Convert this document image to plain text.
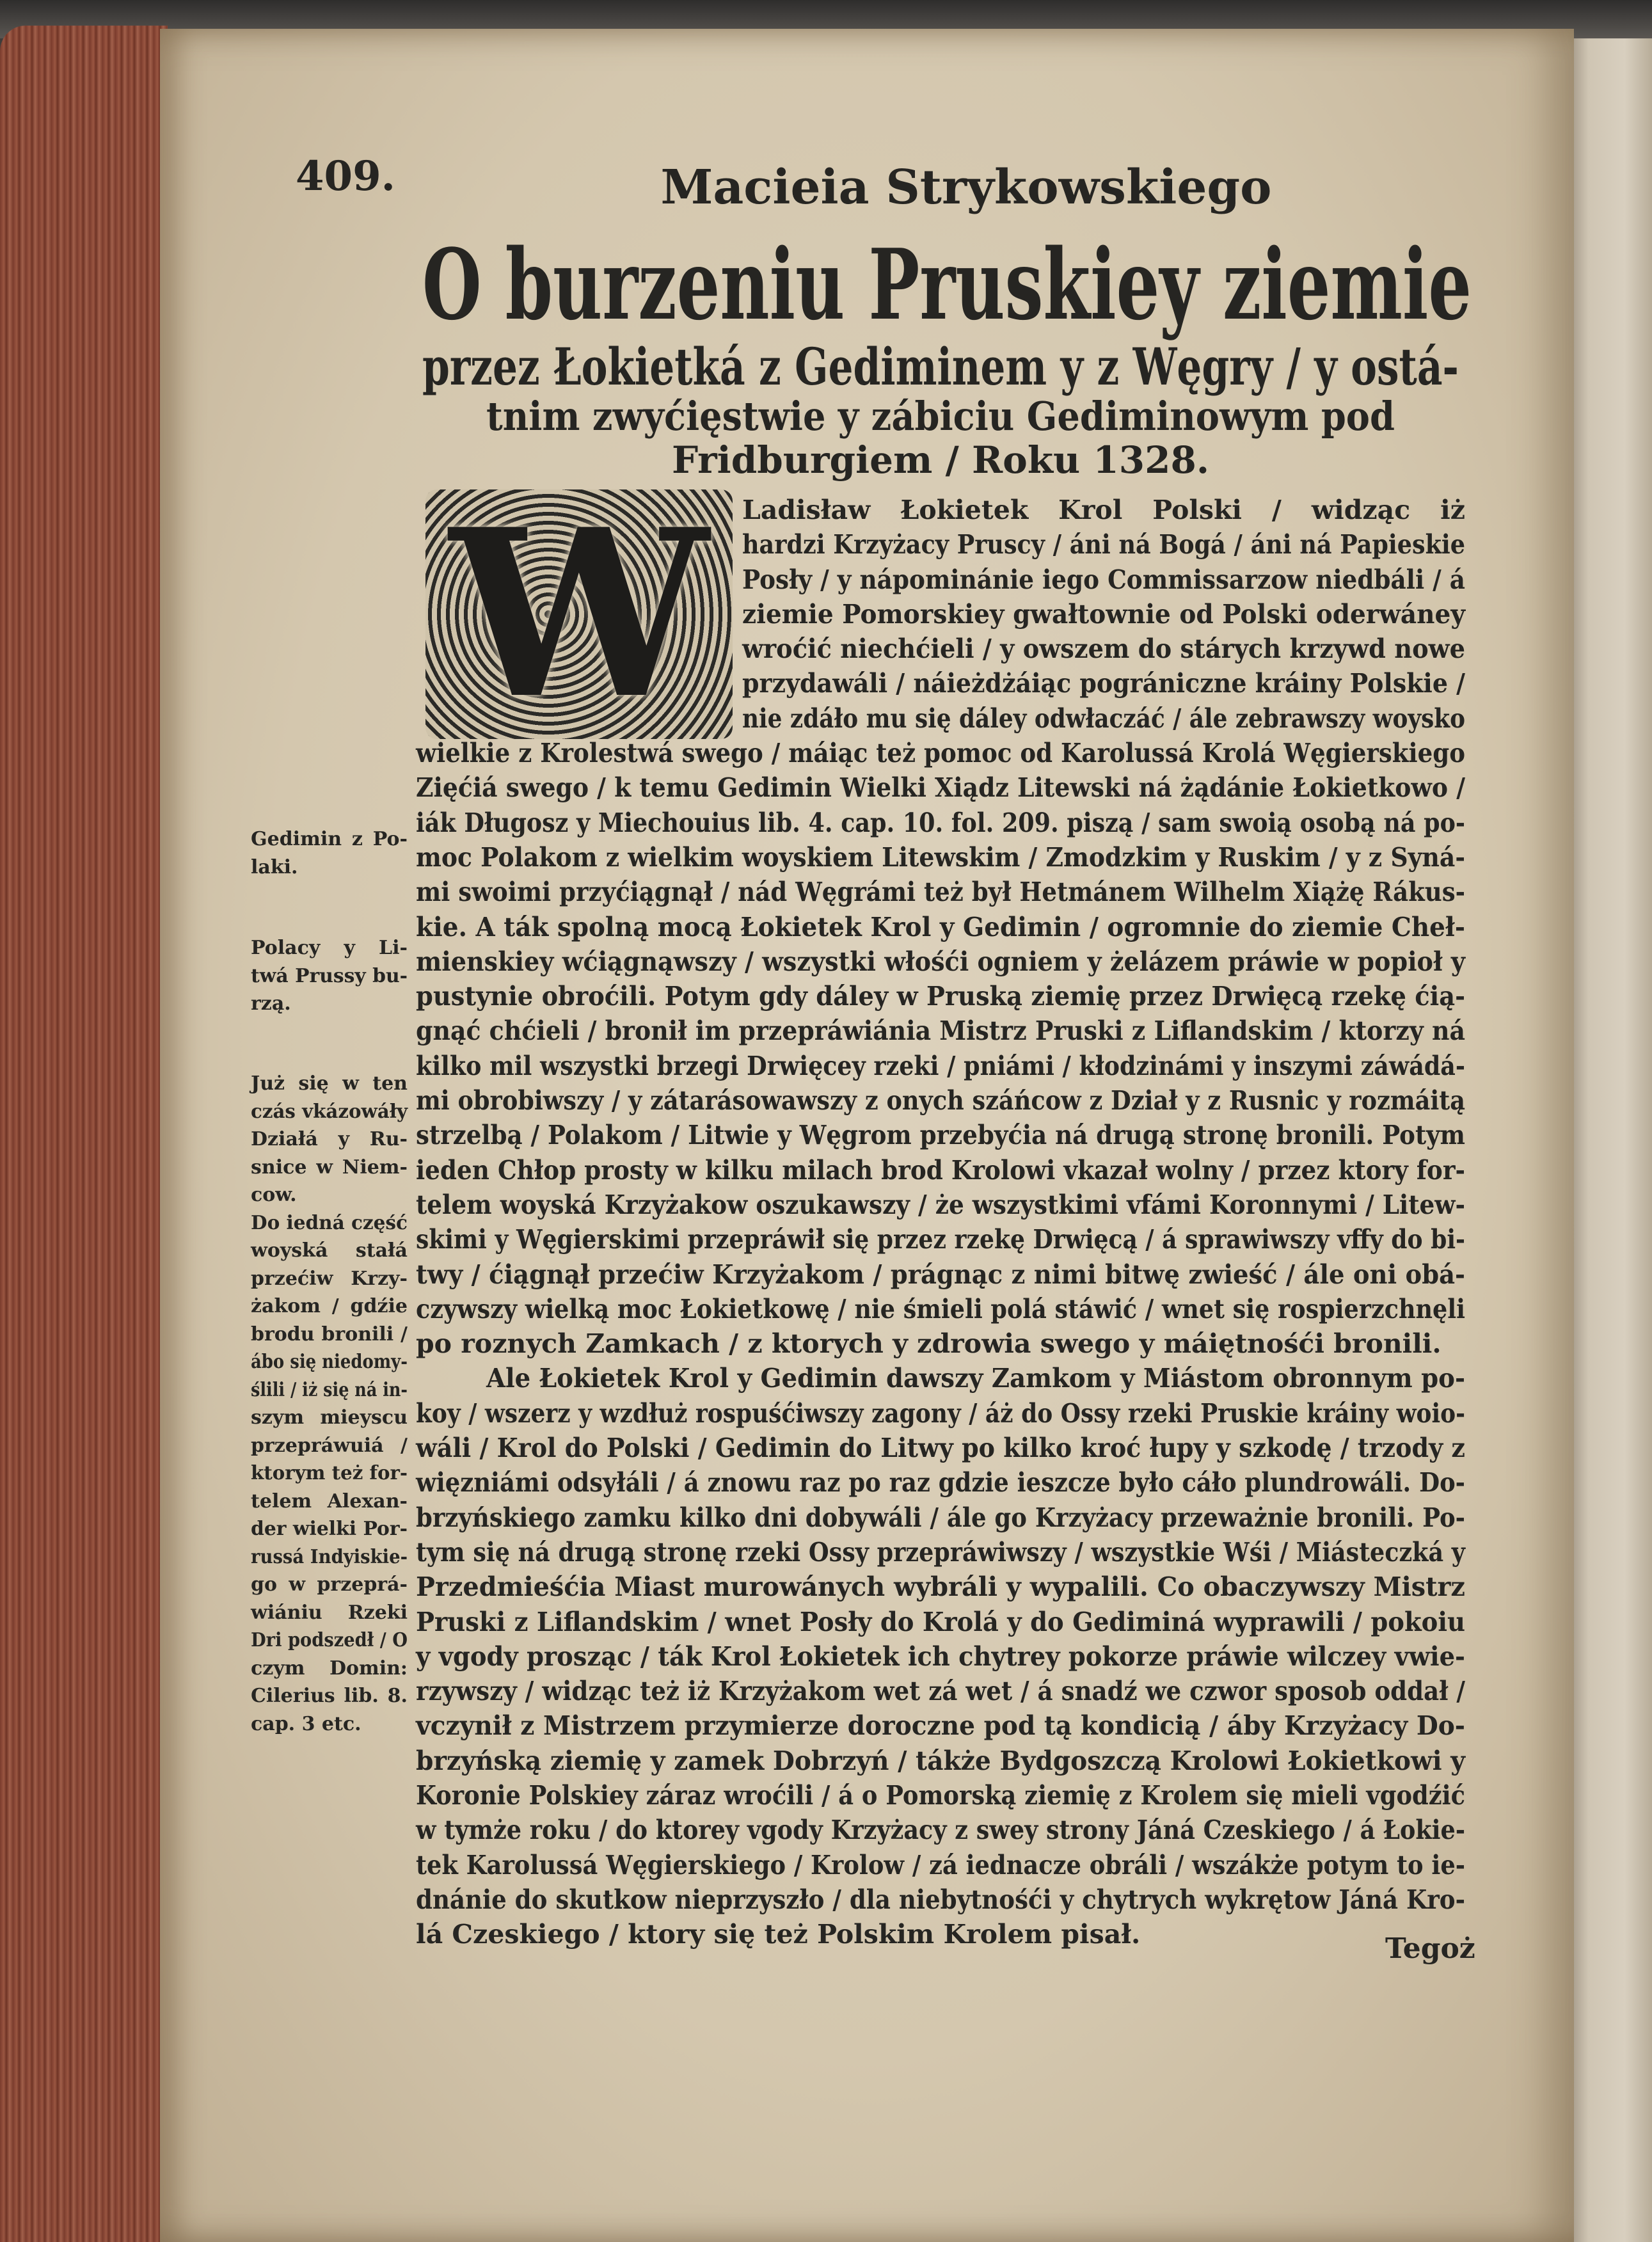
409.	Macieia Strykowskiego
O burzeniu Pruskiey ziemie
przez Łokietká z Gediminem y z Węgry / y ostá-
tnim zwyćięstwie y zábiciu Gediminowym pod
Fridburgiem / Roku 1328.
W Ladisław Łokietek Krol Polski / widząc iż
hardzi Krzyżacy Pruscy / áni ná Bogá / áni ná Papieskie
Posły / y nápominánie iego Commissarzow niedbáli / á
ziemie Pomorskiey gwałtownie od Polski oderwáney
wroćić niechćieli / y owszem do stárych krzywd nowe
przydawáli / náieżdżáiąc pográniczne kráiny Polskie /
nie zdáło mu się dáley odwłaczáć / ále zebrawszy woysko
wielkie z Krolestwá swego / máiąc też pomoc od Karolussá Krolá Węgierskiego
Zięćiá swego / k temu Gedimin Wielki Xiądz Litewski ná żądánie Łokietkowo /
iák Długosz y Miechouius lib. 4. cap. 10. fol. 209. piszą / sam swoią osobą ná po-
moc Polakom z wielkim woyskiem Litewskim / Zmodzkim y Ruskim / y z Syná-
mi swoimi przyćiągnął / nád Węgrámi też był Hetmánem Wilhelm Xiążę Rákus-
kie. A ták spolną mocą Łokietek Krol y Gedimin / ogromnie do ziemie Cheł-
mienskiey wćiągnąwszy / wszystki włośći ogniem y żelázem práwie w popioł y
pustynie obroćili. Potym gdy dáley w Pruską ziemię przez Drwięcą rzekę ćią-
gnąć chćieli / bronił im przepráwiánia Mistrz Pruski z Liflandskim / ktorzy ná
kilko mil wszystki brzegi Drwięcey rzeki / pniámi / kłodzinámi y inszymi záwádá-
mi obrobiwszy / y zátarásowawszy z onych száńcow z Dział y z Rusnic y rozmáitą
strzelbą / Polakom / Litwie y Węgrom przebyćia ná drugą stronę bronili. Potym
ieden Chłop prosty w kilku milach brod Krolowi vkazał wolny / przez ktory for-
telem woyská Krzyżakow oszukawszy / że wszystkimi vfámi Koronnymi / Litew-
skimi y Węgierskimi przepráwił się przez rzekę Drwięcą / á sprawiwszy vffy do bi-
twy / ćiągnął przećiw Krzyżakom / prágnąc z nimi bitwę zwieść / ále oni obá-
czywszy wielką moc Łokietkowę / nie śmieli polá stáwić / wnet się rospierzchnęli
po roznych Zamkach / z ktorych y zdrowia swego y máiętnośći bronili.
Ale Łokietek Krol y Gedimin dawszy Zamkom y Miástom obronnym po-
koy / wszerz y wzdłuż rospuśćiwszy zagony / áż do Ossy rzeki Pruskie kráiny woio-
wáli / Krol do Polski / Gedimin do Litwy po kilko kroć łupy y szkodę / trzody z
więzniámi odsyłáli / á znowu raz po raz gdzie ieszcze było cáło plundrowáli. Do-
brzyńskiego zamku kilko dni dobywáli / ále go Krzyżacy przeważnie bronili. Po-
tym się ná drugą stronę rzeki Ossy przepráwiwszy / wszystkie Wśi / Miásteczká y
Przedmieśćia Miast murowánych wybráli y wypalili. Co obaczywszy Mistrz
Pruski z Liflandskim / wnet Posły do Krolá y do Gediminá wyprawili / pokoiu
y vgody prosząc / ták Krol Łokietek ich chytrey pokorze práwie wilczey vwie-
rzywszy / widząc też iż Krzyżakom wet zá wet / á snadź we czwor sposob oddał /
vczynił z Mistrzem przymierze doroczne pod tą kondicią / áby Krzyżacy Do-
brzyńską ziemię y zamek Dobrzyń / tákże Bydgoszczą Krolowi Łokietkowi y
Koronie Polskiey záraz wroćili / á o Pomorską ziemię z Krolem się mieli vgodźić
w tymże roku / do ktorey vgody Krzyżacy z swey strony Jáná Czeskiego / á Łokie-
tek Karolussá Węgierskiego / Krolow / zá iednacze obráli / wszákże potym to ie-
dnánie do skutkow nieprzyszło / dla niebytnośći y chytrych wykrętow Jáná Kro-
lá Czeskiego / ktory się też Polskim Krolem pisał.
Gedimin z Po-
laki.
Polacy y Li-
twá Prussy bu-
rzą.
Już się w ten
czás vkázowáły
Działá y Ru-
snice w Niem-
cow.
Do iedná część
woyská stałá
przećiw Krzy-
żakom / gdźie
brodu bronili /
ábo się niedomy-
ślili / iż się ná in-
szym mieyscu
przepráwuiá /
ktorym też for-
telem Alexan-
der wielki Por-
russá Indyiskie-
go w przeprá-
wiániu Rzeki
Dri podszedł / O
czym Domin:
Cilerius lib. 8.
cap. 3 etc.
Tegoż
